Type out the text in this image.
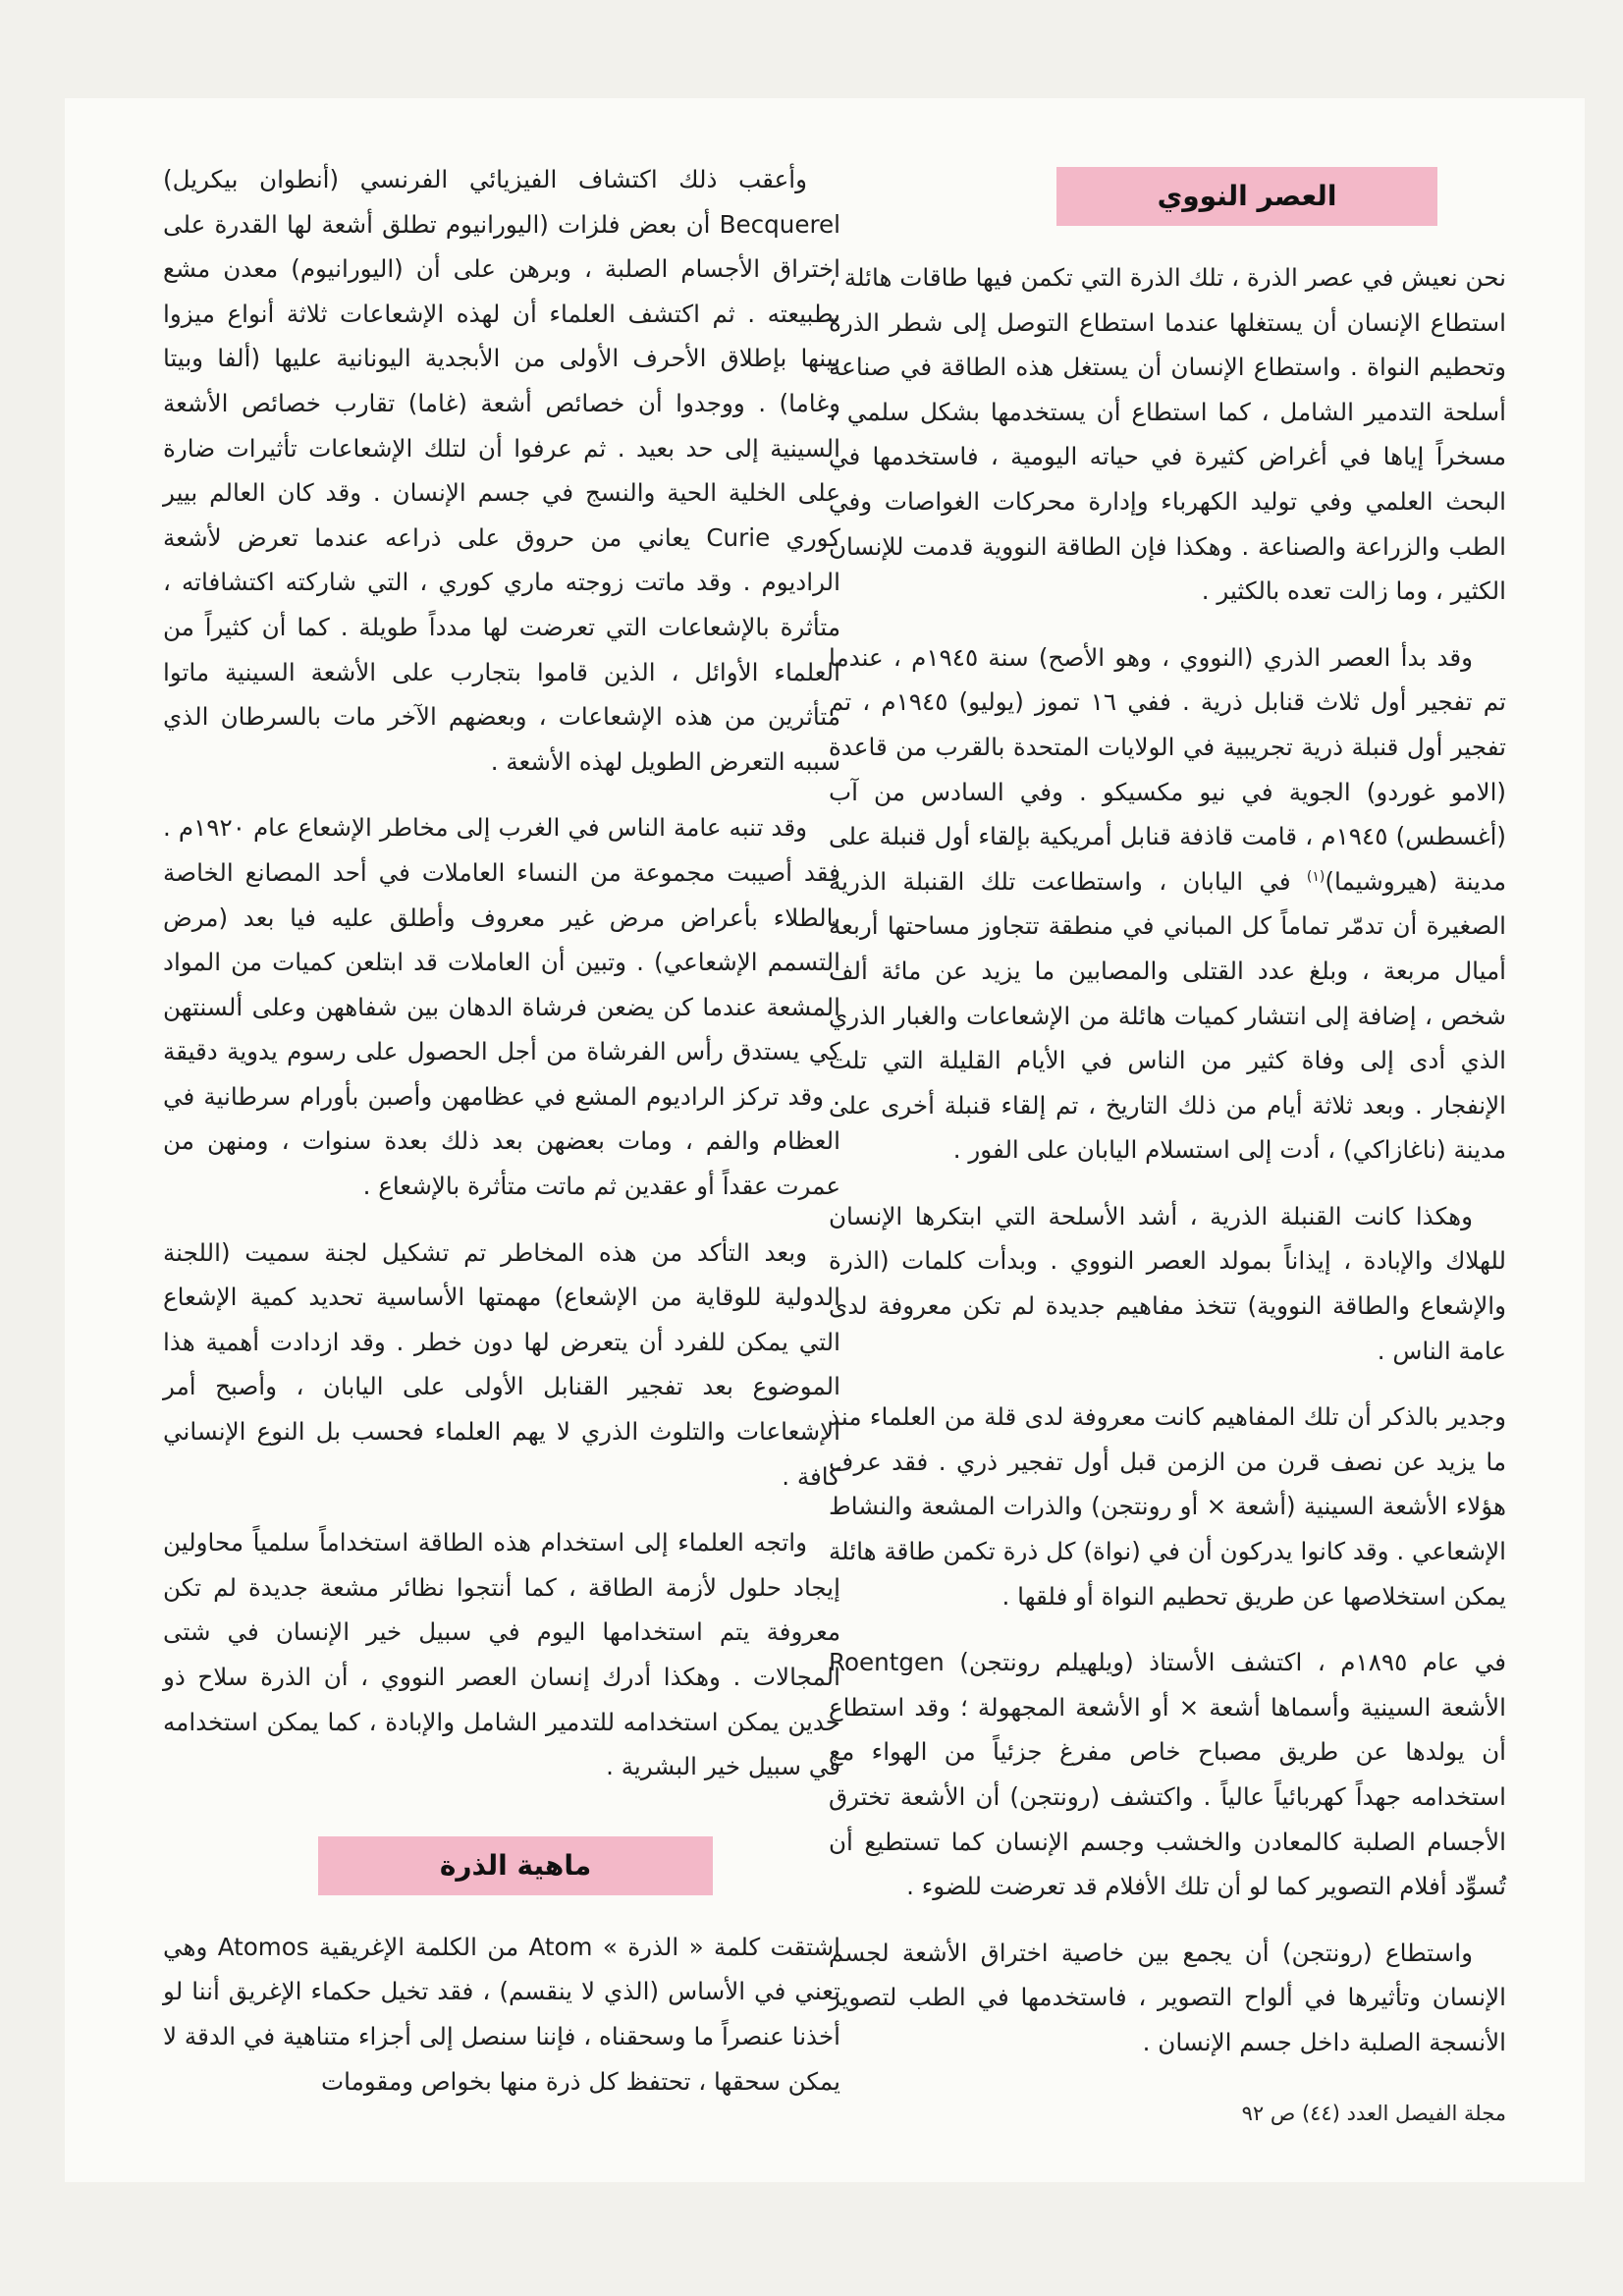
العصر النووي

نحن نعيش في عصر الذرة ، تلك الذرة التي تكمن فيها طاقات هائلة ، استطاع الإنسان أن يستغلها عندما استطاع التوصل إلى شطر الذرة وتحطيم النواة . واستطاع الإنسان أن يستغل هذه الطاقة في صناعة أسلحة التدمير الشامل ، كما استطاع أن يستخدمها بشكل سلمي ، مسخراً إياها في أغراض كثيرة في حياته اليومية ، فاستخدمها في البحث العلمي وفي توليد الكهرباء وإدارة محركات الغواصات وفي الطب والزراعة والصناعة . وهكذا فإن الطاقة النووية قدمت للإنسان الكثير ، وما زالت تعده بالكثير .

وقد بدأ العصر الذري (النووي ، وهو الأصح) سنة ١٩٤٥م ، عندما تم تفجير أول ثلاث قنابل ذرية . ففي ١٦ تموز (يوليو) ١٩٤٥م ، تم تفجير أول قنبلة ذرية تجريبية في الولايات المتحدة بالقرب من قاعدة (الامو غوردو) الجوية في نيو مكسيكو . وفي السادس من آب (أغسطس) ١٩٤٥م ، قامت قاذفة قنابل أمريكية بإلقاء أول قنبلة على مدينة (هيروشيما)$^{(١)}$ في اليابان ، واستطاعت تلك القنبلة الذرية الصغيرة أن تدمّر تماماً كل المباني في منطقة تتجاوز مساحتها أربعة أميال مربعة ، وبلغ عدد القتلى والمصابين ما يزيد عن مائة ألف شخص ، إضافة إلى انتشار كميات هائلة من الإشعاعات والغبار الذري الذي أدى إلى وفاة كثير من الناس في الأيام القليلة التي تلت الإنفجار . وبعد ثلاثة أيام من ذلك التاريخ ، تم إلقاء قنبلة أخرى على مدينة (ناغازاكي) ، أدت إلى استسلام اليابان على الفور .

وهكذا كانت القنبلة الذرية ، أشد الأسلحة التي ابتكرها الإنسان للهلاك والإبادة ، إيذاناً بمولد العصر النووي . وبدأت كلمات (الذرة والإشعاع والطاقة النووية) تتخذ مفاهيم جديدة لم تكن معروفة لدى عامة الناس .

وجدير بالذكر أن تلك المفاهيم كانت معروفة لدى قلة من العلماء منذ ما يزيد عن نصف قرن من الزمن قبل أول تفجير ذري . فقد عرف هؤلاء الأشعة السينية (أشعة × أو رونتجن) والذرات المشعة والنشاط الإشعاعي . وقد كانوا يدركون أن في (نواة) كل ذرة تكمن طاقة هائلة يمكن استخلاصها عن طريق تحطيم النواة أو فلقها .

في عام ١٨٩٥م ، اكتشف الأستاذ (ويلهيلم رونتجن) Roentgen الأشعة السينية وأسماها أشعة × أو الأشعة المجهولة ؛ وقد استطاع أن يولدها عن طريق مصباح خاص مفرغ جزئياً من الهواء مع استخدامه جهداً كهربائياً عالياً . واكتشف (رونتجن) أن الأشعة تخترق الأجسام الصلبة كالمعادن والخشب وجسم الإنسان كما تستطيع أن تُسوِّد أفلام التصوير كما لو أن تلك الأفلام قد تعرضت للضوء .

واستطاع (رونتجن) أن يجمع بين خاصية اختراق الأشعة لجسم الإنسان وتأثيرها في ألواح التصوير ، فاستخدمها في الطب لتصوير الأنسجة الصلبة داخل جسم الإنسان .

وأعقب ذلك اكتشاف الفيزيائي الفرنسي (أنطوان بيكريل) Becquerel أن بعض فلزات (اليورانيوم تطلق أشعة لها القدرة على اختراق الأجسام الصلبة ، وبرهن على أن (اليورانيوم) معدن مشع بطبيعته . ثم اكتشف العلماء أن لهذه الإشعاعات ثلاثة أنواع ميزوا بينها بإطلاق الأحرف الأولى من الأبجدية اليونانية عليها (ألفا وبيتا وغاما) . ووجدوا أن خصائص أشعة (غاما) تقارب خصائص الأشعة السينية إلى حد بعيد . ثم عرفوا أن لتلك الإشعاعات تأثيرات ضارة على الخلية الحية والنسج في جسم الإنسان . وقد كان العالم بيير كوري Curie يعاني من حروق على ذراعه عندما تعرض لأشعة الراديوم . وقد ماتت زوجته ماري كوري ، التي شاركته اكتشافاته ، متأثرة بالإشعاعات التي تعرضت لها مدداً طويلة . كما أن كثيراً من العلماء الأوائل ، الذين قاموا بتجارب على الأشعة السينية ماتوا متأثرين من هذه الإشعاعات ، وبعضهم الآخر مات بالسرطان الذي سببه التعرض الطويل لهذه الأشعة .

وقد تنبه عامة الناس في الغرب إلى مخاطر الإشعاع عام ١٩٢٠م . فقد أصيبت مجموعة من النساء العاملات في أحد المصانع الخاصة بالطلاء بأعراض مرض غير معروف وأطلق عليه فيا بعد (مرض التسمم الإشعاعي) . وتبين أن العاملات قد ابتلعن كميات من المواد المشعة عندما كن يضعن فرشاة الدهان بين شفاههن وعلى ألسنتهن كي يستدق رأس الفرشاة من أجل الحصول على رسوم يدوية دقيقة . وقد تركز الراديوم المشع في عظامهن وأصبن بأورام سرطانية في العظام والفم ، ومات بعضهن بعد ذلك بعدة سنوات ، ومنهن من عمرت عقداً أو عقدين ثم ماتت متأثرة بالإشعاع .

وبعد التأكد من هذه المخاطر تم تشكيل لجنة سميت (اللجنة الدولية للوقاية من الإشعاع) مهمتها الأساسية تحديد كمية الإشعاع التي يمكن للفرد أن يتعرض لها دون خطر . وقد ازدادت أهمية هذا الموضوع بعد تفجير القنابل الأولى على اليابان ، وأصبح أمر الإشعاعات والتلوث الذري لا يهم العلماء فحسب بل النوع الإنساني كافة .

واتجه العلماء إلى استخدام هذه الطاقة استخداماً سلمياً محاولين إيجاد حلول لأزمة الطاقة ، كما أنتجوا نظائر مشعة جديدة لم تكن معروفة يتم استخدامها اليوم في سبيل خير الإنسان في شتى المجالات . وهكذا أدرك إنسان العصر النووي ، أن الذرة سلاح ذو حدين يمكن استخدامه للتدمير الشامل والإبادة ، كما يمكن استخدامه في سبيل خير البشرية .

ماهية الذرة

اشتقت كلمة « الذرة » Atom من الكلمة الإغريقية Atomos وهي تعني في الأساس (الذي لا ينقسم) ، فقد تخيل حكماء الإغريق أننا لو أخذنا عنصراً ما وسحقناه ، فإننا سنصل إلى أجزاء متناهية في الدقة لا يمكن سحقها ، تحتفظ كل ذرة منها بخواص ومقومات

مجلة الفيصل العدد (٤٤) ص ٩٢
